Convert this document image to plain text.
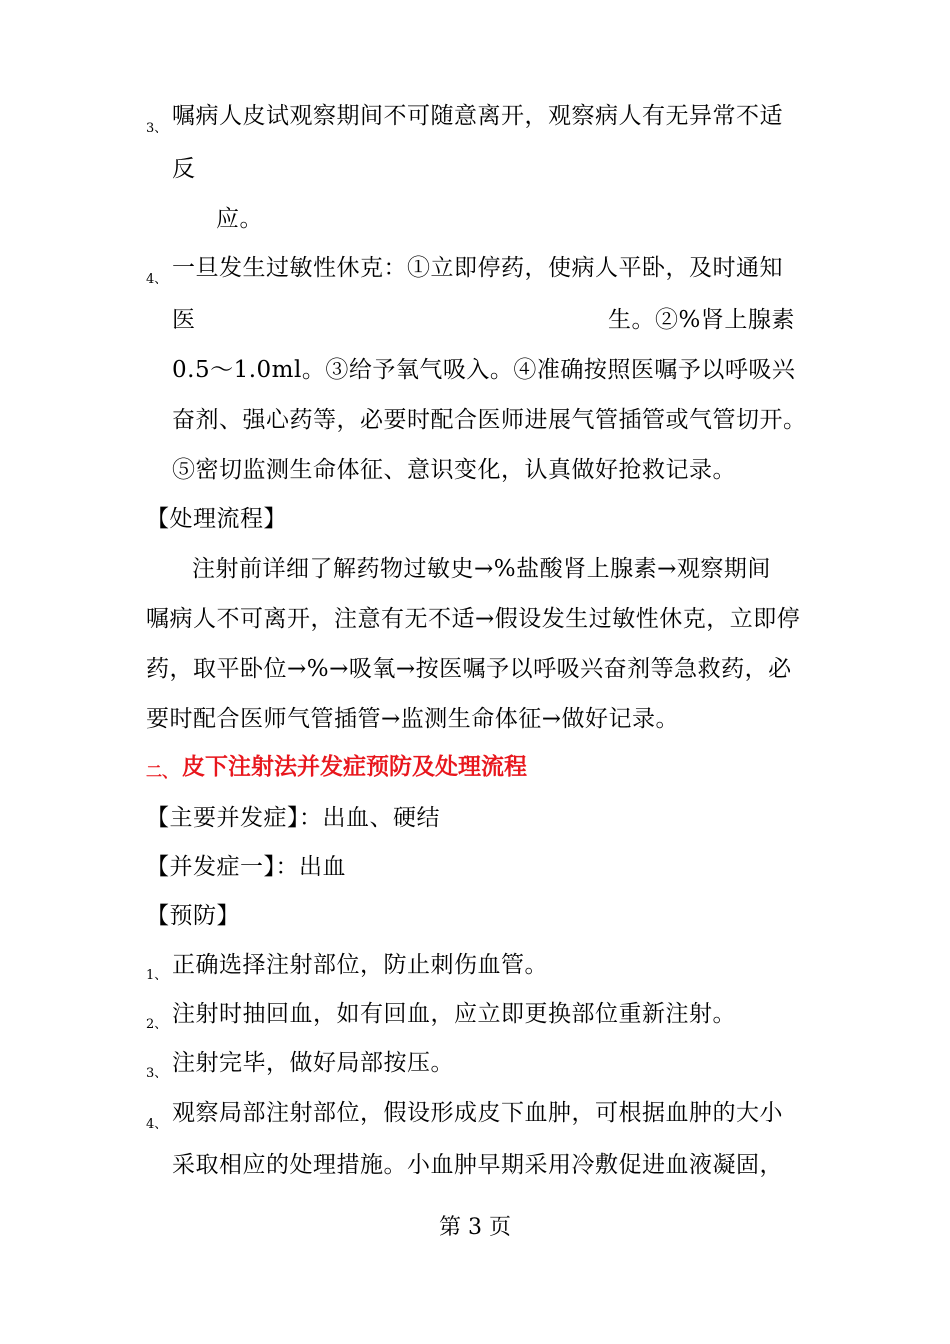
3、 嘱病人皮试观察期间不可随意离开，观察病人有无异常不适
反
应。
4、 一旦发生过敏性休克：①立即停药，使病人平卧，及时通知
医	生。②%肾上腺素
0.5～1.0ml。③给予氧气吸入。④准确按照医嘱予以呼吸兴
奋剂、强心药等，必要时配合医师进展气管插管或气管切开。
⑤密切监测生命体征、意识变化，认真做好抢救记录。
【处理流程】
注射前详细了解药物过敏史→%盐酸肾上腺素→观察期间
嘱病人不可离开，注意有无不适→假设发生过敏性休克，立即停
药，取平卧位→%→吸氧→按医嘱予以呼吸兴奋剂等急救药，必
要时配合医师气管插管→监测生命体征→做好记录。
二、 皮下注射法并发症预防及处理流程
【主要并发症】：出血、硬结
【并发症一】：出血
【预防】
1、 正确选择注射部位，防止刺伤血管。
2、 注射时抽回血，如有回血，应立即更换部位重新注射。
3、 注射完毕，做好局部按压。
4、 观察局部注射部位，假设形成皮下血肿，可根据血肿的大小
采取相应的处理措施。小血肿早期采用冷敷促进血液凝固，
第 3 页
